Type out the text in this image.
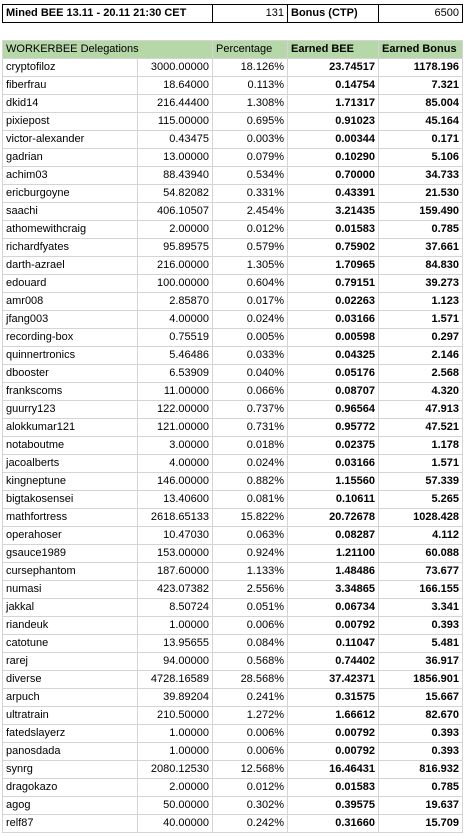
Mined BEE 13.11 - 20.11 21:30 CET		131	Bonus (CTP)	6500

WORKERBEE Delegations		Percentage	Earned BEE	Earned Bonus
cryptofiloz	3000.00000	18.126%	23.74517	1178.196
fiberfrau	18.64000	0.113%	0.14754	7.321
dkid14	216.44400	1.308%	1.71317	85.004
pixiepost	115.00000	0.695%	0.91023	45.164
victor-alexander	0.43475	0.003%	0.00344	0.171
gadrian	13.00000	0.079%	0.10290	5.106
achim03	88.43940	0.534%	0.70000	34.733
ericburgoyne	54.82082	0.331%	0.43391	21.530
saachi	406.10507	2.454%	3.21435	159.490
athomewithcraig	2.00000	0.012%	0.01583	0.785
richardfyates	95.89575	0.579%	0.75902	37.661
darth-azrael	216.00000	1.305%	1.70965	84.830
edouard	100.00000	0.604%	0.79151	39.273
amr008	2.85870	0.017%	0.02263	1.123
jfang003	4.00000	0.024%	0.03166	1.571
recording-box	0.75519	0.005%	0.00598	0.297
quinnertronics	5.46486	0.033%	0.04325	2.146
dbooster	6.53909	0.040%	0.05176	2.568
frankscoms	11.00000	0.066%	0.08707	4.320
guurry123	122.00000	0.737%	0.96564	47.913
alokkumar121	121.00000	0.731%	0.95772	47.521
notaboutme	3.00000	0.018%	0.02375	1.178
jacoalberts	4.00000	0.024%	0.03166	1.571
kingneptune	146.00000	0.882%	1.15560	57.339
bigtakosensei	13.40600	0.081%	0.10611	5.265
mathfortress	2618.65133	15.822%	20.72678	1028.428
operahoser	10.47030	0.063%	0.08287	4.112
gsauce1989	153.00000	0.924%	1.21100	60.088
cursephantom	187.60000	1.133%	1.48486	73.677
numasi	423.07382	2.556%	3.34865	166.155
jakkal	8.50724	0.051%	0.06734	3.341
riandeuk	1.00000	0.006%	0.00792	0.393
catotune	13.95655	0.084%	0.11047	5.481
rarej	94.00000	0.568%	0.74402	36.917
diverse	4728.16589	28.568%	37.42371	1856.901
arpuch	39.89204	0.241%	0.31575	15.667
ultratrain	210.50000	1.272%	1.66612	82.670
fatedslayerz	1.00000	0.006%	0.00792	0.393
panosdada	1.00000	0.006%	0.00792	0.393
synrg	2080.12530	12.568%	16.46431	816.932
dragokazo	2.00000	0.012%	0.01583	0.785
agog	50.00000	0.302%	0.39575	19.637
relf87	40.00000	0.242%	0.31660	15.709
